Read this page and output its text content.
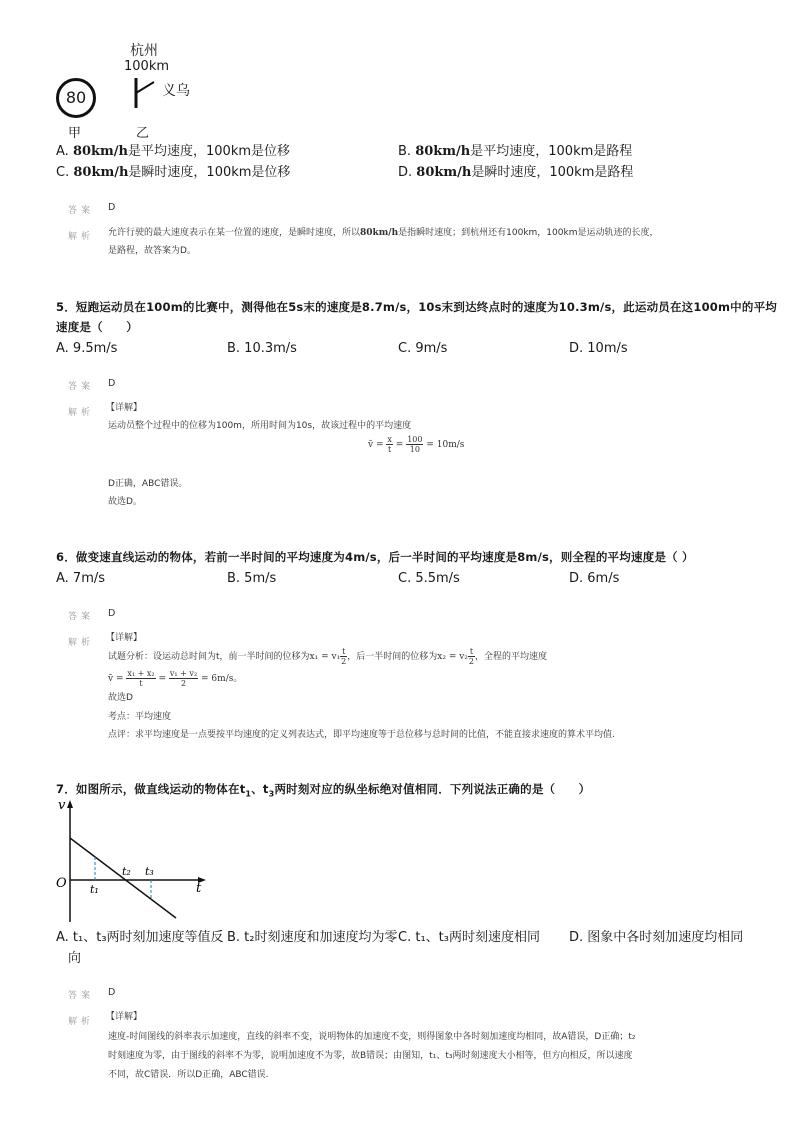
80
杭州
100km
义乌
甲	乙
A. 80km/h是平均速度，100km是位移	B. 80km/h是平均速度，100km是路程
C. 80km/h是瞬时速度，100km是位移	D. 80km/h是瞬时速度，100km是路程
答案 D
解析 允许行驶的最大速度表示在某一位置的速度，是瞬时速度，所以80km/h是指瞬时速度；到杭州还有100km，100km是运动轨迹的长度，
是路程，故答案为D。
5．短跑运动员在100m的比赛中，测得他在5s末的速度是8.7m/s，10s末到达终点时的速度为10.3m/s，此运动员在这100m中的平均
速度是（　　）
A. 9.5m/s	B. 10.3m/s	C. 9m/s	D. 10m/s
答案 D
解析 【详解】
运动员整个过程中的位移为100m，所用时间为10s，故该过程中的平均速度
v̄ = $\frac{x}{t} = \frac{100}{10} = 10m/s$
D正确，ABC错误。
故选D。
6．做变速直线运动的物体，若前一半时间的平均速度为4m/s，后一半时间的平均速度是8m/s，则全程的平均速度是（ ）
A. 7m/s	B. 5m/s	C. 5.5m/s	D. 6m/s
答案 D
解析 【详解】
试题分析：设运动总时间为t，前一半时间的位移为$x_1 = v_1 \frac{t}{2}$ ，后一半时间的位移为$x_2 = v_2 \frac{t}{2}$ ，全程的平均速度
v̄ = $\frac{\text{x₁ + x₂}}{t} = \frac{\text{v₁ + v₂}}{2} = 6m/s$。
故选D
考点：平均速度
点评：求平均速度是一点要按平均速度的定义列表达式，即平均速度等于总位移与总时间的比值，不能直接求速度的算术平均值.
7．如图所示，做直线运动的物体在$t_1$、$t_3$两时刻对应的纵坐标绝对值相同．下列说法正确的是（　　）
v
O	t
t₁
t₂ t₃
A. t₁、t₃两时刻加速度等值反
向
B. t₂时刻速度和加速度均为零 C. t₁、t₃两时刻速度相同 D. 图象中各时刻加速度均相同
答案 D
解析 【详解】
速度-时间图线的斜率表示加速度，直线的斜率不变，说明物体的加速度不变，则得图象中各时刻加速度均相同，故A错误，D正确；t₂
时刻速度为零，由于图线的斜率不为零，说明加速度不为零，故B错误；由图知，t₁、t₃两时刻速度大小相等，但方向相反，所以速度
不同，故C错误．所以D正确，ABC错误.
